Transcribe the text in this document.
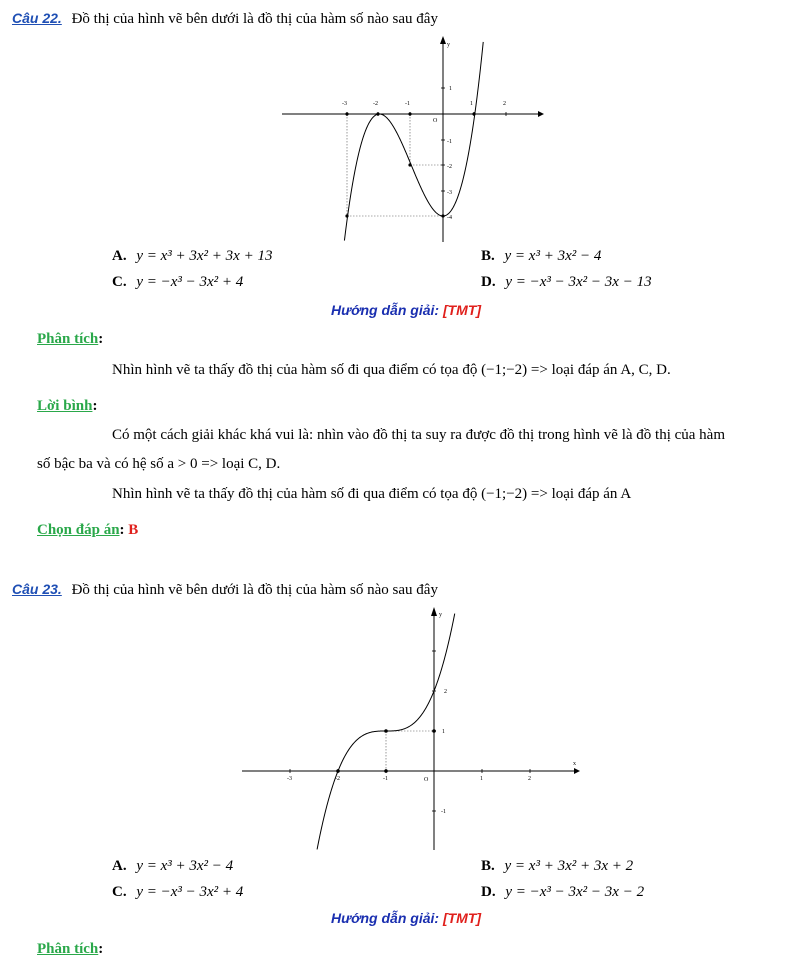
Câu 22. Đồ thị của hình vẽ bên dưới là đồ thị của hàm số nào sau đây
y
O
-3	-2	-1	1	2
1
-1
-2
-3
-4
A. y = x³ + 3x² + 3x + 13	B. y = x³ + 3x² − 4
C. y = −x³ − 3x² + 4	D. y = −x³ − 3x² − 3x − 13
Hướng dẫn giải: [TMT]
Phân tích:
Nhìn hình vẽ ta thấy đồ thị của hàm số đi qua điểm có tọa độ (−1;−2) => loại đáp án A, C, D.
Lời bình:
Có một cách giải khác khá vui là: nhìn vào đồ thị ta suy ra được đồ thị trong hình vẽ là đồ thị của hàm
số bậc ba và có hệ số a > 0 => loại C, D.
Nhìn hình vẽ ta thấy đồ thị của hàm số đi qua điểm có tọa độ (−1;−2) => loại đáp án A
Chọn đáp án: B
Câu 23. Đồ thị của hình vẽ bên dưới là đồ thị của hàm số nào sau đây
y
x
O
-3	-2	-1	1	2
2
1
-1
A. y = x³ + 3x² − 4	B. y = x³ + 3x² + 3x + 2
C. y = −x³ − 3x² + 4	D. y = −x³ − 3x² − 3x − 2
Hướng dẫn giải: [TMT]
Phân tích:
